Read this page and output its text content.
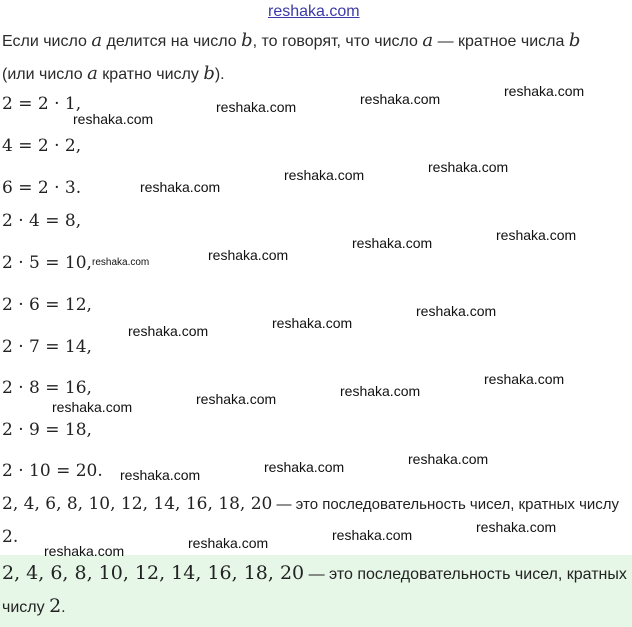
reshaka.com
Если число a делится на число b, то говорят, что число a — кратное числа b
(или число a кратно числу b).
2 = 2 · 1,
4 = 2 · 2,
6 = 2 · 3.
2 · 4 = 8,
2 · 5 = 10,
2 · 6 = 12,
2 · 7 = 14,
2 · 8 = 16,
2 · 9 = 18,
2 · 10 = 20.
2, 4, 6, 8, 10, 12, 14, 16, 18, 20 — это последовательность чисел, кратных числу
2.
2, 4, 6, 8, 10, 12, 14, 16, 18, 20 — это последовательность чисел, кратных
числу 2.
reshaka.com
reshaka.com	reshaka.com	reshaka.com
reshaka.com
reshaka.com	reshaka.com
reshaka.com	reshaka.com
reshaka.com	reshaka.com
reshaka.com	reshaka.com
reshaka.com
reshaka.com	reshaka.com	reshaka.com
reshaka.com
reshaka.com	reshaka.com	reshaka.com
reshaka.com	reshaka.com	reshaka.com	reshaka.com
